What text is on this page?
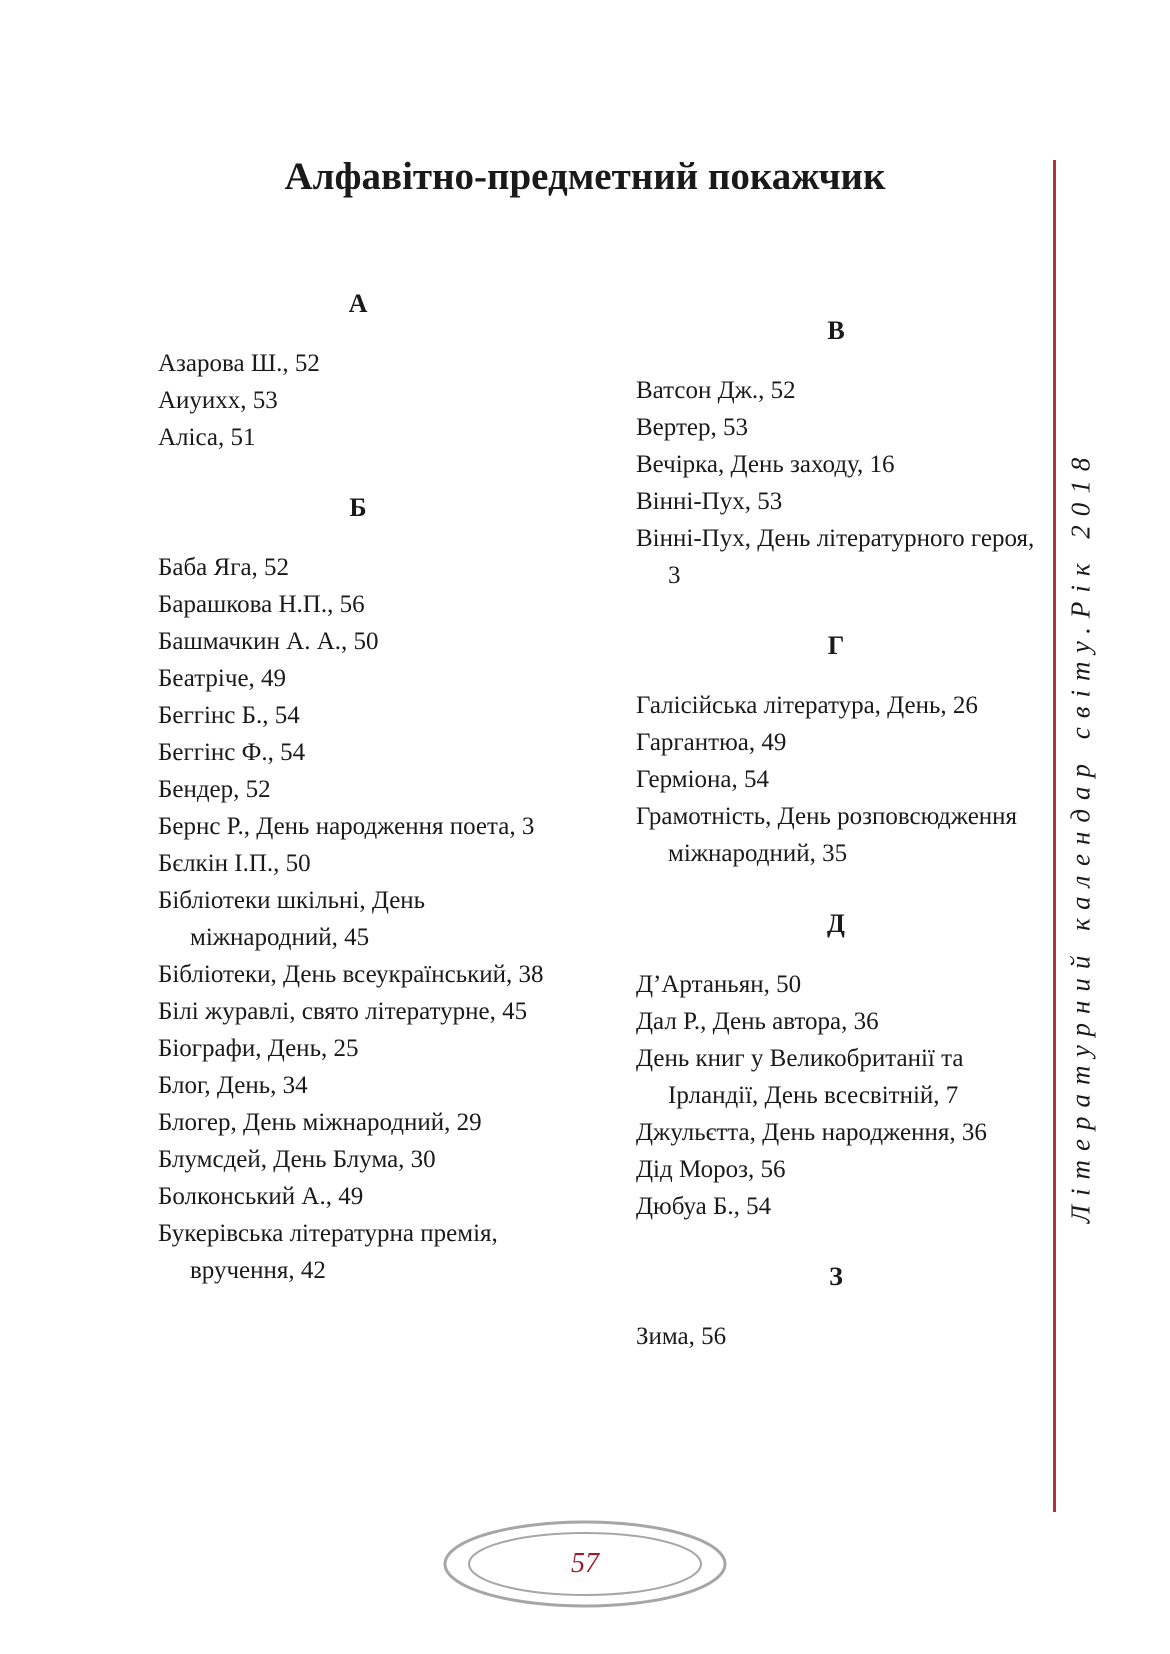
Алфавітно-предметний покажчик
А
Азарова Ш., 52
Аиуихх, 53
Аліса, 51
Б
Баба Яга, 52
Барашкова Н.П., 56
Башмачкин А. А., 50
Беатріче, 49
Беггінс Б., 54
Беггінс Ф., 54
Бендер, 52
Бернс Р., День народження поета, 3
Бєлкін І.П., 50
Бібліотеки шкільні, День міжнародний, 45
Бібліотеки, День всеукраїнський, 38
Білі журавлі, свято літературне, 45
Біографи, День, 25
Блог, День, 34
Блогер, День міжнародний, 29
Блумсдей, День Блума, 30
Болконський А., 49
Букерівська літературна премія, вручення, 42
В
Ватсон Дж., 52
Вертер, 53
Вечірка, День заходу, 16
Вінні-Пух, 53
Вінні-Пух, День літературного героя, 3
Г
Галісійська література, День, 26
Гаргантюа, 49
Герміона, 54
Грамотність, День розповсюдження міжнародний, 35
Д
Д’Артаньян, 50
Дал Р., День автора, 36
День книг у Великобританії та Ірландії, День всесвітній, 7
Джульєтта, День народження, 36
Дід Мороз, 56
Дюбуа Б., 54
З
Зима, 56
Літературний календар світу.Рік 2018
57
